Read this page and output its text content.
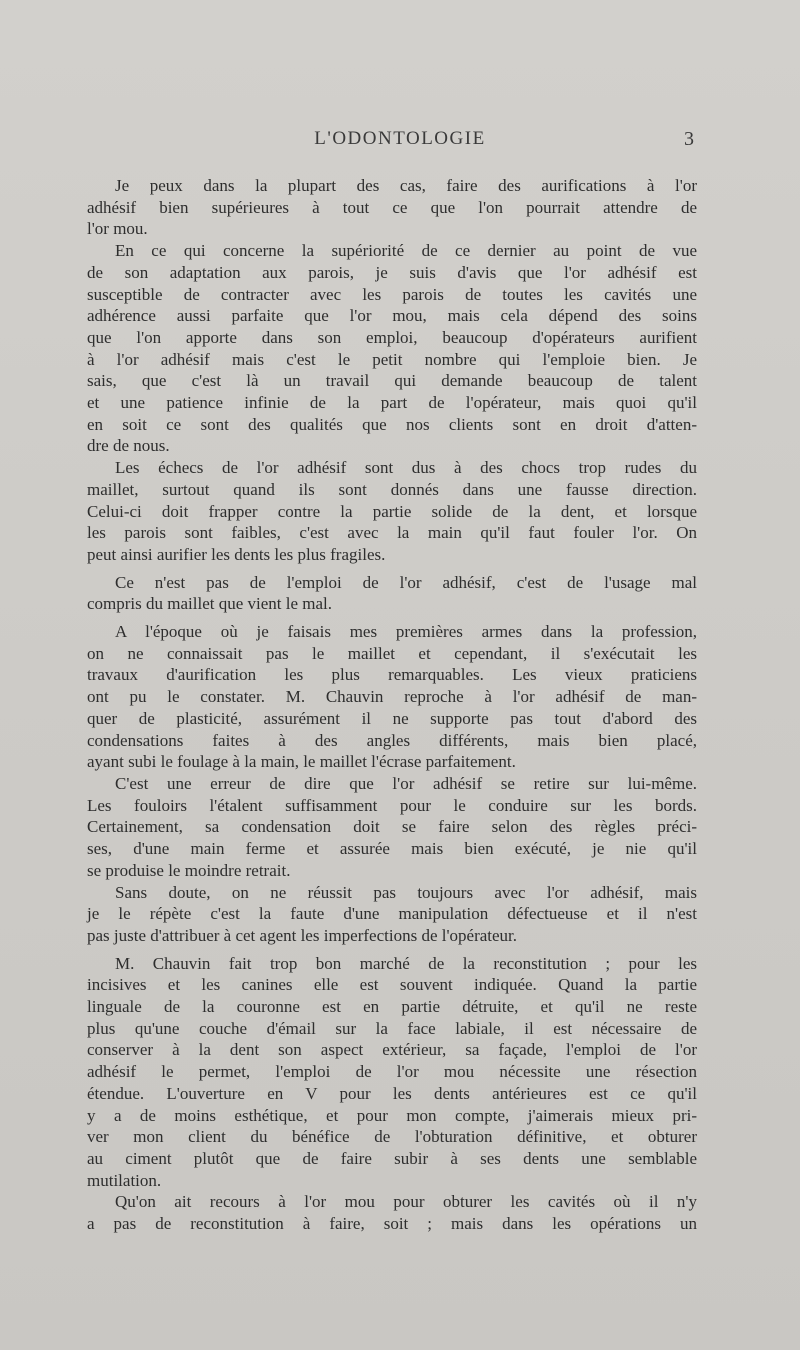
L'ODONTOLOGIE	3

Je peux dans la plupart des cas, faire des aurifications à l'or
adhésif bien supérieures à tout ce que l'on pourrait attendre de
l'or mou.

En ce qui concerne la supériorité de ce dernier au point de vue
de son adaptation aux parois, je suis d'avis que l'or adhésif est
susceptible de contracter avec les parois de toutes les cavités une
adhérence aussi parfaite que l'or mou, mais cela dépend des soins
que l'on apporte dans son emploi, beaucoup d'opérateurs aurifient
à l'or adhésif mais c'est le petit nombre qui l'emploie bien. Je
sais, que c'est là un travail qui demande beaucoup de talent
et une patience infinie de la part de l'opérateur, mais quoi qu'il
en soit ce sont des qualités que nos clients sont en droit d'atten-
dre de nous.

Les échecs de l'or adhésif sont dus à des chocs trop rudes du
maillet, surtout quand ils sont donnés dans une fausse direction.
Celui-ci doit frapper contre la partie solide de la dent, et lorsque
les parois sont faibles, c'est avec la main qu'il faut fouler l'or. On
peut ainsi aurifier les dents les plus fragiles.

Ce n'est pas de l'emploi de l'or adhésif, c'est de l'usage mal
compris du maillet que vient le mal.

A l'époque où je faisais mes premières armes dans la profession,
on ne connaissait pas le maillet et cependant, il s'exécutait les
travaux d'aurification les plus remarquables. Les vieux praticiens
ont pu le constater. M. Chauvin reproche à l'or adhésif de man-
quer de plasticité, assurément il ne supporte pas tout d'abord des
condensations faites à des angles différents, mais bien placé,
ayant subi le foulage à la main, le maillet l'écrase parfaitement.

C'est une erreur de dire que l'or adhésif se retire sur lui-même.
Les fouloirs l'étalent suffisamment pour le conduire sur les bords.
Certainement, sa condensation doit se faire selon des règles préci-
ses, d'une main ferme et assurée mais bien exécuté, je nie qu'il
se produise le moindre retrait.

Sans doute, on ne réussit pas toujours avec l'or adhésif, mais
je le répète c'est la faute d'une manipulation défectueuse et il n'est
pas juste d'attribuer à cet agent les imperfections de l'opérateur.

M. Chauvin fait trop bon marché de la reconstitution ; pour les
incisives et les canines elle est souvent indiquée. Quand la partie
linguale de la couronne est en partie détruite, et qu'il ne reste
plus qu'une couche d'émail sur la face labiale, il est nécessaire de
conserver à la dent son aspect extérieur, sa façade, l'emploi de l'or
adhésif le permet, l'emploi de l'or mou nécessite une résection
étendue. L'ouverture en V pour les dents antérieures est ce qu'il
y a de moins esthétique, et pour mon compte, j'aimerais mieux pri-
ver mon client du bénéfice de l'obturation définitive, et obturer
au ciment plutôt que de faire subir à ses dents une semblable
mutilation.

Qu'on ait recours à l'or mou pour obturer les cavités où il n'y
a pas de reconstitution à faire, soit ; mais dans les opérations un
